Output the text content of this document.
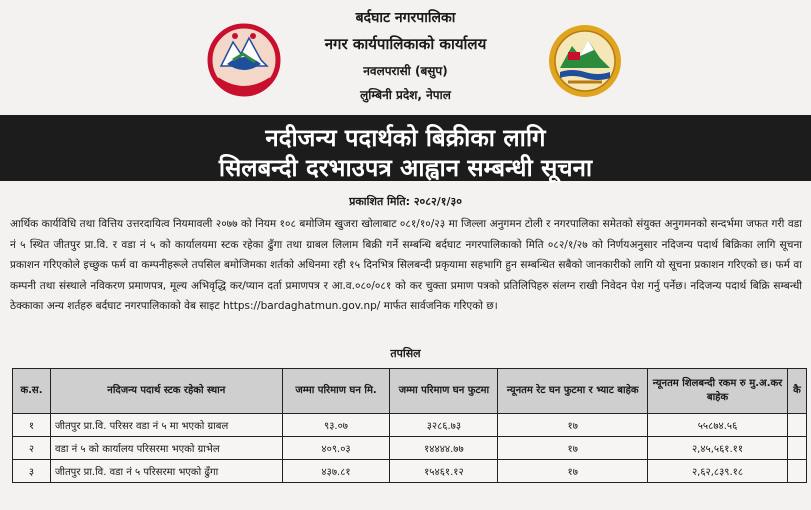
बर्दघाट नगरपालिका
नगर कार्यपालिकाको कार्यालय
नवलपरासी (बसुप)
लुम्बिनी प्रदेश, नेपाल
नदीजन्य पदार्थको बिक्रीका लागि
सिलबन्दी दरभाउपत्र आह्वान सम्बन्धी सूचना
प्रकाशित मिति: २०८२/१/३०
आर्थिक कार्यविधि तथा वित्तिय उत्तरदायित्व नियमावली २०७७ को नियम १०८ बमोजिम खुजरा खोलाबाट ०८१/१०/२३ मा जिल्ला अनुगमन टोली र नगरपालिका समेतको संयुक्त अनुगमनको सन्दर्भमा जफत गरी वडा नं ५ स्थित जीतपुर प्रा.वि. र वडा नं ५ को कार्यालयमा स्टक रहेका ढुँगा तथा ग्राबल लिलाम बिक्री गर्ने सम्बन्धि बर्दघाट नगरपालिकाको मिति ०८२/१/२७ को निर्णयअनुसार नदिजन्य पदार्थ बिक्रिका लागि सूचना प्रकाशन गरिएकोले इच्छुक फर्म वा कम्पनीहरूले तपसिल बमोजिमका शर्तको अधिनमा रही १५ दिनभित्र सिलबन्दी प्रकृयामा सहभागि हुन सम्बन्धित सबैको जानकारीको लागि यो सूचना प्रकाशन गरिएको छ। फर्म वा कम्पनी तथा संस्थाले नविकरण प्रमाणपत्र, मूल्य अभिवृद्धि कर/प्यान दर्ता प्रमाणपत्र र आ.व.०८०/०८१ को कर चुक्ता प्रमाण पत्रको प्रतिलिपिहरु संलग्न राखी निवेदन पेश गर्नु पर्नेछ। नदिजन्य पदार्थ बिक्रि सम्बन्धी ठेक्काका अन्य शर्तहरु बर्दघाट नगरपालिकाको वेब साइट https://bardaghatmun.gov.np/ मार्फत सार्वजनिक गरिएको छ।
तपसिल
क.स.	नदिजन्य पदार्थ स्टक रहेको स्थान	जम्मा परिमाण घन मि.	जम्मा परिमाण घन फुटमा	न्यूनतम रेट घन फुटमा र भ्याट बाहेक	न्यूनतम शिलबन्दी रकम रु मु.अ.कर बाहेक	कै
१	जीतपुर प्रा.वि. परिसर वडा नं ५ मा भएको ग्राबल	९३.०७	३२८६.७३	१७	५५८७४.५६	
२	वडा नं ५ को कार्यालय परिसरमा भएको ग्राभेल	४०९.०३	१४४४४.७७	१७	२,४५,५६१.११	
३	जीतपुर प्रा.वि. वडा नं ५ परिसरमा भएको ढुँगा	४३७.८१	१५४६१.१२	१७	२,६२,८३९.१८	
